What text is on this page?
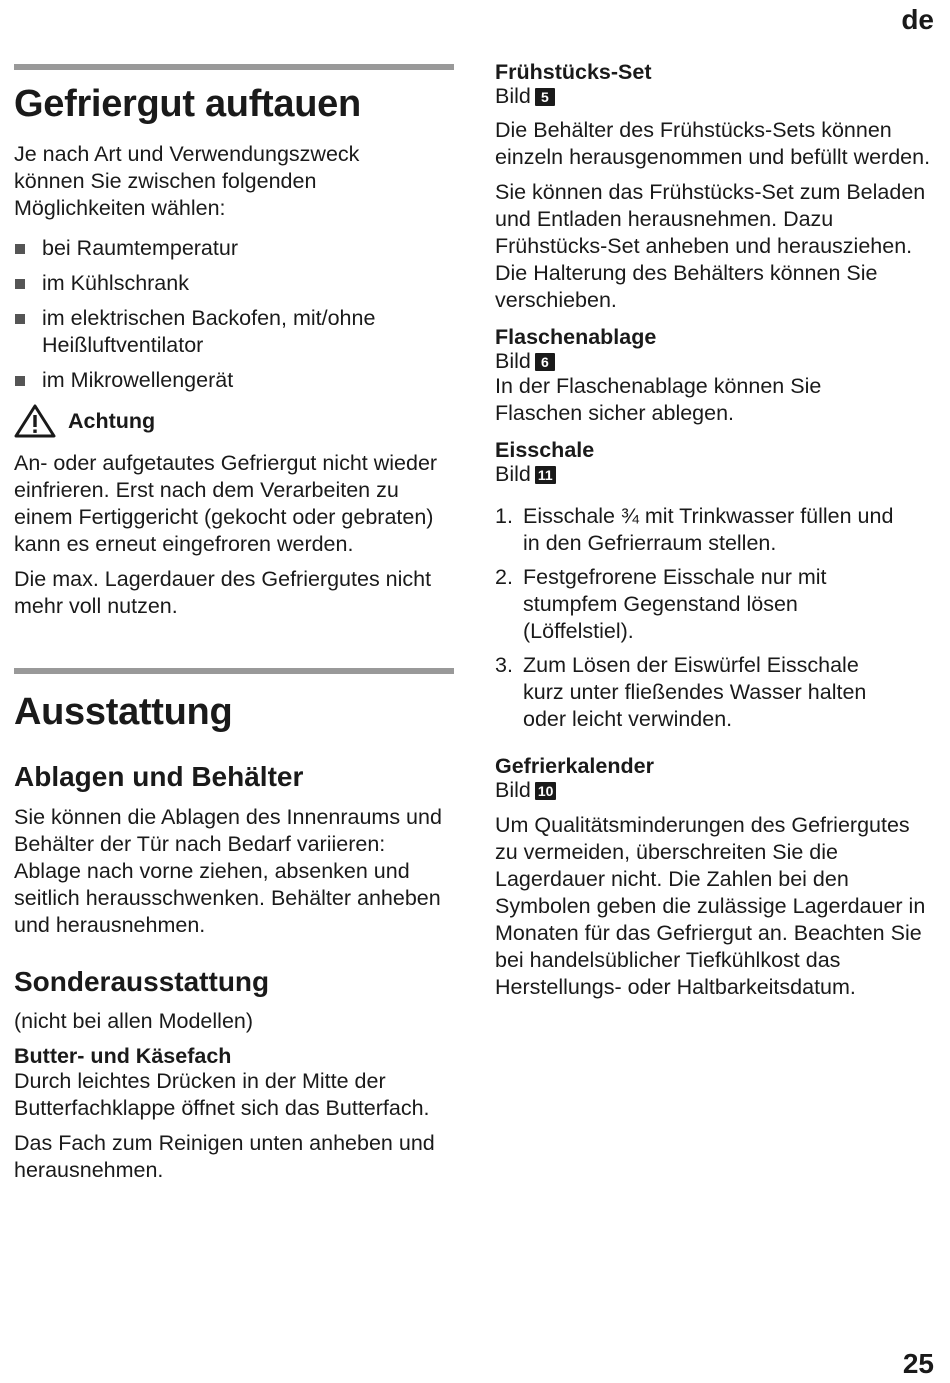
de
Gefriergut auftauen

Je nach Art und Verwendungszweck können Sie zwischen folgenden Möglichkeiten wählen:

bei Raumtemperatur
im Kühlschrank
im elektrischen Backofen, mit/ohne Heißluftventilator
im Mikrowellengerät
Achtung

An- oder aufgetautes Gefriergut nicht wieder einfrieren. Erst nach dem Verarbeiten zu einem Fertiggericht (gekocht oder gebraten) kann es erneut eingefroren werden.

Die max. Lagerdauer des Gefriergutes nicht mehr voll nutzen.

Ausstattung
Ablagen und Behälter

Sie können die Ablagen des Innenraums und Behälter der Tür nach Bedarf variieren: Ablage nach vorne ziehen, absenken und seitlich herausschwenken. Behälter anheben und herausnehmen.

Sonderausstattung

(nicht bei allen Modellen)

Butter- und Käsefach

Durch leichtes Drücken in der Mitte der Butterfachklappe öffnet sich das Butterfach.

Das Fach zum Reinigen unten anheben und herausnehmen.

Frühstücks-Set
Bild 5

Die Behälter des Frühstücks-Sets können einzeln herausgenommen und befüllt werden.

Sie können das Frühstücks-Set zum Beladen und Entladen herausnehmen. Dazu Frühstücks-Set anheben und herausziehen. Die Halterung des Behälters können Sie verschieben.

Flaschenablage
Bild 6

In der Flaschenablage können Sie Flaschen sicher ablegen.

Eisschale
Bild 11
1. Eisschale ¾ mit Trinkwasser füllen und in den Gefrierraum stellen.
2. Festgefrorene Eisschale nur mit stumpfem Gegenstand lösen (Löffelstiel).
3. Zum Lösen der Eiswürfel Eisschale kurz unter fließendes Wasser halten oder leicht verwinden.
Gefrierkalender
Bild 10

Um Qualitätsminderungen des Gefriergutes zu vermeiden, überschreiten Sie die Lagerdauer nicht. Die Zahlen bei den Symbolen geben die zulässige Lagerdauer in Monaten für das Gefriergut an. Beachten Sie bei handelsüblicher Tiefkühlkost das Herstellungs- oder Haltbarkeitsdatum.

25
